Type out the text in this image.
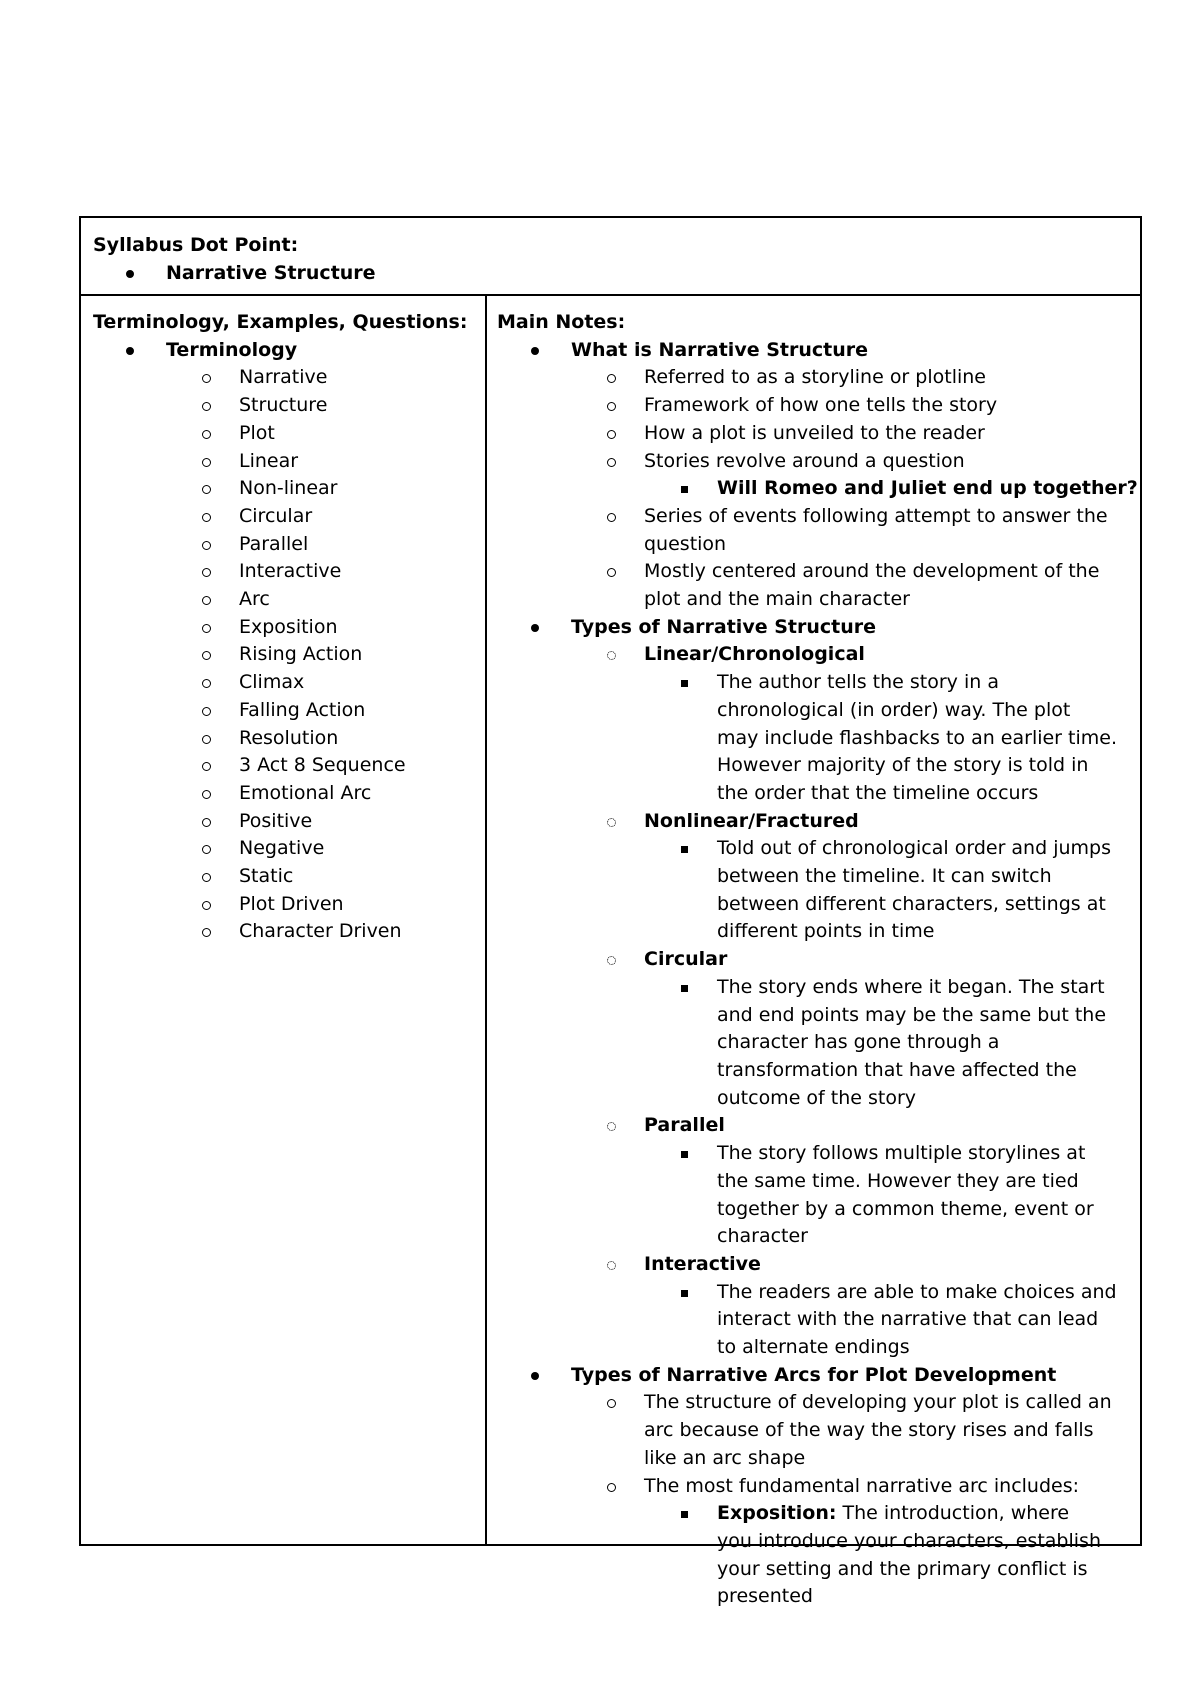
Syllabus Dot Point:
Narrative Structure
Terminology, Examples, Questions:
Terminology
Narrative
Structure
Plot
Linear
Non-linear
Circular
Parallel
Interactive
Arc
Exposition
Rising Action
Climax
Falling Action
Resolution
3 Act 8 Sequence
Emotional Arc
Positive
Negative
Static
Plot Driven
Character Driven
Main Notes:
What is Narrative Structure
Referred to as a storyline or plotline
Framework of how one tells the story
How a plot is unveiled to the reader
Stories revolve around a question
Will Romeo and Juliet end up together?
Series of events following attempt to answer the question
Mostly centered around the development of the plot and the main character
Types of Narrative Structure
Linear/Chronological
The author tells the story in a chronological (in order) way. The plot may include flashbacks to an earlier time. However majority of the story is told in the order that the timeline occurs
Nonlinear/Fractured
Told out of chronological order and jumps between the timeline. It can switch between different characters, settings at different points in time
Circular
The story ends where it began. The start and end points may be the same but the character has gone through a transformation that have affected the outcome of the story
Parallel
The story follows multiple storylines at the same time. However they are tied together by a common theme, event or character
Interactive
The readers are able to make choices and interact with the narrative that can lead to alternate endings
Types of Narrative Arcs for Plot Development
The structure of developing your plot is called an arc because of the way the story rises and falls like an arc shape
The most fundamental narrative arc includes:
Exposition: The introduction, where you introduce your characters, establish your setting and the primary conflict is presented
